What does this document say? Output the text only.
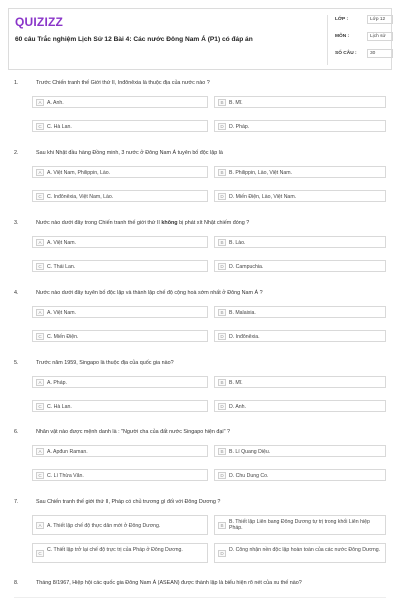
QUIZIZZ
60 câu Trắc nghiệm Lịch Sử 12 Bài 4: Các nước Đông Nam Á (P1) có đáp án
LỚP :	Lớp 12
MÔN :	Lịch sử
SỐ CÂU :	30
1.	Trước Chiến tranh thế Giới thứ II, Inđônêxia là thuộc địa của nước nào ?
A	A. Anh.	B	B. Mĩ.
C	C. Hà Lan.	D	D. Pháp.
2.	Sau khi Nhật đầu hàng Đồng minh, 3 nước ở Đông Nam Á tuyên bố độc lập là
A	A. Việt Nam, Philippin, Lào.	B	B. Philippin, Lào, Việt Nam.
C	C. Inđônêxia, Việt Nam, Lào.	D	D. Miến Điện, Lào, Việt Nam.
3.	Nước nào dưới đây trong Chiến tranh thế giới thứ II không bị phát xít Nhật chiếm đóng ?
A	A. Việt Nam.	B	B. Lào.
C	C. Thái Lan.	D	D. Campuchia.
4.	Nước nào dưới đây tuyên bố độc lập và thành lập chế độ cộng hoà sớm nhất ở Đông Nam Á ?
A	A. Việt Nam.	B	B. Malaixia.
C	C. Miến Điện.	D	D. Inđônêxia.
5.	Trước năm 1959, Singapo là thuộc địa của quốc gia nào?
A	A. Pháp.	B	B. Mĩ.
C	C. Hà Lan.	D	D. Anh.
6.	Nhân vật nào được mệnh danh là : "Người cha của đất nước Singapo hiện đại" ?
A	A. Apđun Raman.	B	B. Lí Quang Diệu.
C	C. Lí Thừa Vãn.	D	D. Chu Dung Co.
7.	Sau Chiến tranh thế giới thứ II, Pháp có chủ trương gì đối với Đông Dương ?
A	A. Thiết lập chế độ thực dân mới ở Đông Dương.	B
B. Thiết lập Liên bang Đông Dương tự trị trong khối Liên hiệp Pháp.
C
C. Thiết lập trở lại chế độ trực trị của Pháp ở Đông Dương.
D
D. Công nhận nền độc lập hoàn toàn của các nước Đông Dương.
8.	Tháng 8/1967, Hiệp hội các quốc gia Đông Nam Á (ASEAN) được thành lập là biểu hiện rõ nét của xu thế nào?
